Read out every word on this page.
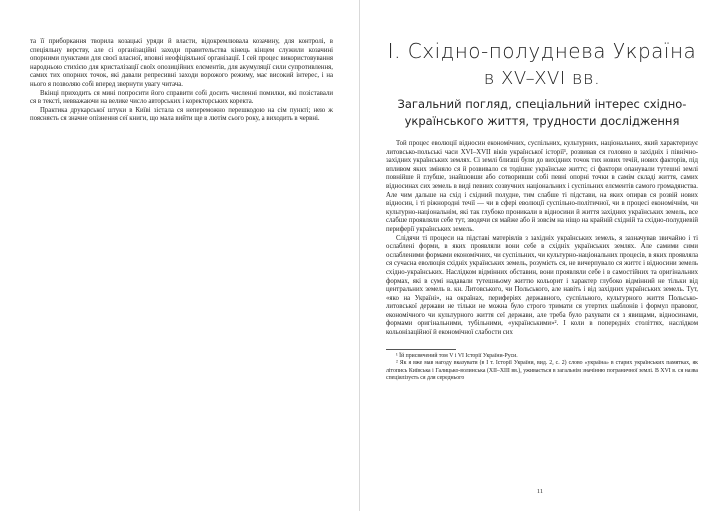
та її приборкання творила козацькі уряди й власти, відокремлювала козачину, для контролі, в спеціяльну верству, але сі організаційні заходи правительства кінець кінцем служили козачині опорними пунктами для своєї власної, вповні неофіціяльної організації. І сей процес використовування народньою стихією для кристалізації своїх опозиційних елєментів, для акумуляції сили супротивлення, самих тих опорних точок, які давали репресивні заходи ворожого режиму, має високий інтерес, і на нього я позволяю собі вперед звернути увагу читача.

Вкінці приходить ся мині попросити його справити собі досить численні помилки, які позіставали ся в тексті, невважаючи на велике число авторських і коректорських коректа.

Практика друкарської штуки в Київі зістала ся непереможно перешкодою на сім пункті; нею ж поясняєть ся значне опізнення сеї книги, що мала вийти ще в лютім сього року, а виходить в червні.

І. Східно-полуднева Україна
в XV–XVІ вв.
Загальний погляд, спеціальний інтерес східно-українського життя, трудности дослідження

Той процес еволюції відносин економічних, суспільних, культурних, національних, який характеризує литовсько-польські часи XVI–XVII віків української історії¹, розвивав ся головно в західніх і північно-західних українських землях. Сі землі близші були до вихідних точок тих нових течій, нових факторів, під впливом яких зміняло ся й розвивало ся тодішнє українське життє; сі фактори опанували тутешні землі повнійше й глубше, знайшовши або сотворивши собі певні опорні точки в самім складі життя, самих відносинах сих земель в виді певних созвучних національних і суспільних елєментів самого громадянства. Але чим дальше на схід і східний полудне, тим слабше ті підстави, на яких опирав ся розвій нових відносин, і ті ріжнородні течії — чи в сфері еволюції суспільно-політичної, чи в процесі економічнім, чи культурно-національнім, які так глубоко проникали в відносини й життя західних українських земель, все слабше проявляли себе тут, зводячи ся майже або й зовсім на ніщо на крайній східній та східно-полудневій периферії українських земель.

Слідячи ті процеси на підставі матеріялів з західніх українських земель, я зазначував звичайно і ті ослаблені форми, в яких проявляли вони себе в східніх українських землях. Але самими сими ослабленими формами економічних, чи суспільних, чи культурно-національних процесів, в яких проявляла ся сучасна еволюція східніх українських земель, розумієть ся, не вичерпувало ся життє і відносини земель східно-українських. Наслідком відмінних обставин, вони проявляли себе і в самостійних та оригінальних формах, які в сумі надавали тутешньому життю кольорит і характер глубоко відмінний не тільки від центральних земель в. кн. Литовського, чи Польського, але навіть і від західних українських земель. Тут, «яко на Україні», на окраїнах, периферіях державного, суспільного, культурного життя Польсько-литовської держави не тільки не можна було строго тримати ся утертих шаблонів і формул правовог, економічного чи культурного життя сеї держави, але треба було рахувати ся з явищами, відносинами, формами оригінальними, тубільними, «українськими»². І коли в попередніх століттях, наслідком кольонізаційної й економічної слабости сих

¹ Їй присвячений том V і VI Історії України-Руси.

² Як я вже мав нагоду вказувати (в І т. Історії України, вид. 2, с. 2) слово «україна» в старих українських памятках, як літопись Київська і Галицько-волинська (XII–XIII вв.), уживається в загальнім значінню пограничної землі. В XVI в. ся назва спеціялізуєть ся для середнього

11
